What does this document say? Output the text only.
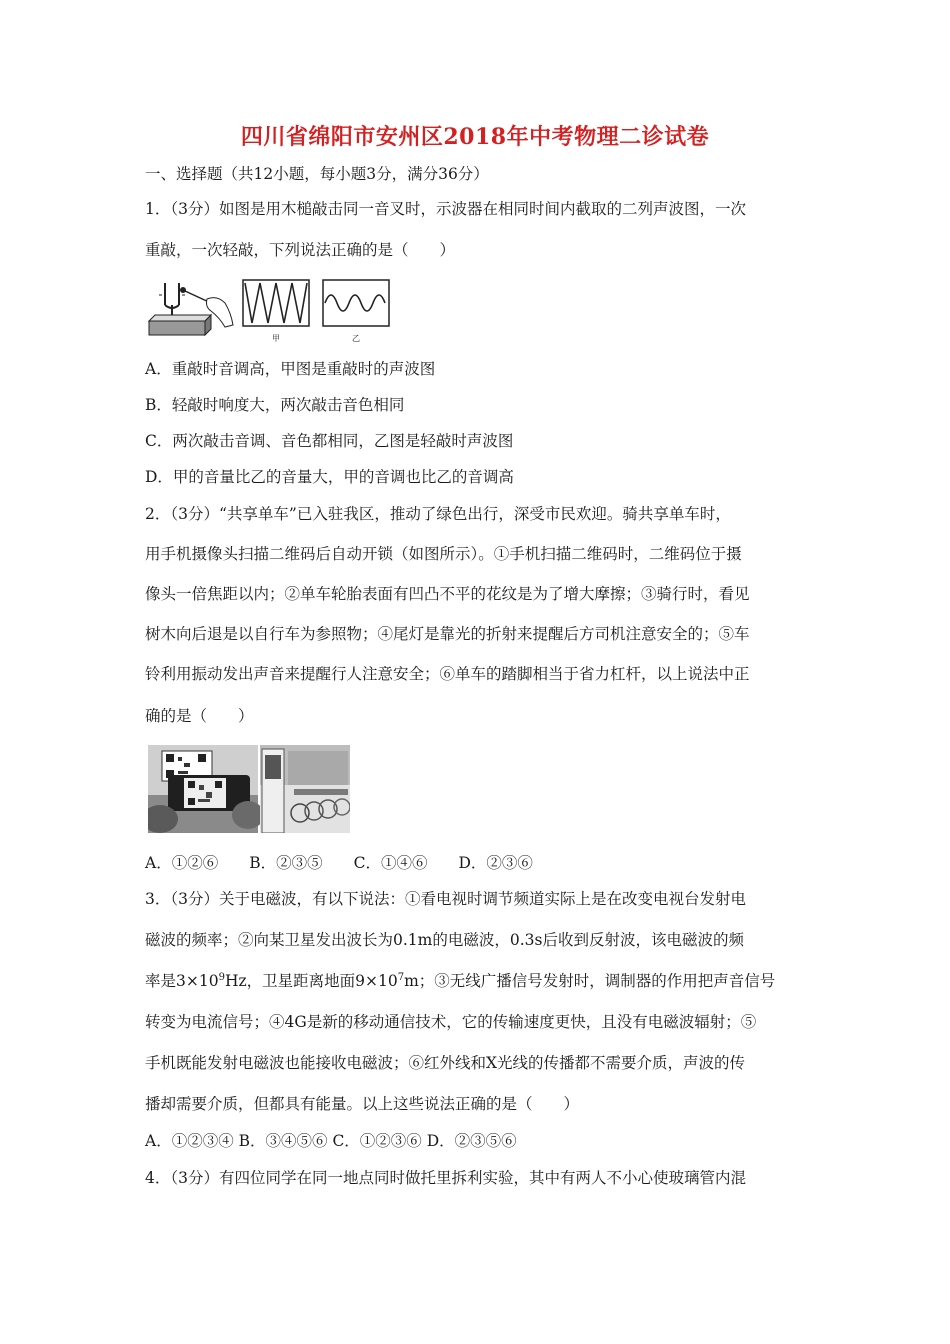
四川省绵阳市安州区2018年中考物理二诊试卷
一、选择题（共12小题，每小题3分，满分36分）
1．（3分）如图是用木槌敲击同一音叉时，示波器在相同时间内截取的二列声波图，一次
重敲，一次轻敲，下列说法正确的是（　　）
甲	乙
A．重敲时音调高，甲图是重敲时的声波图
B．轻敲时响度大，两次敲击音色相同
C．两次敲击音调、音色都相同，乙图是轻敲时声波图
D．甲的音量比乙的音量大，甲的音调也比乙的音调高
2．（3分）“共享单车”已入驻我区，推动了绿色出行，深受市民欢迎。骑共享单车时，
用手机摄像头扫描二维码后自动开锁（如图所示）。①手机扫描二维码时，二维码位于摄
像头一倍焦距以内；②单车轮胎表面有凹凸不平的花纹是为了增大摩擦；③骑行时，看见
树木向后退是以自行车为参照物；④尾灯是靠光的折射来提醒后方司机注意安全的；⑤车
铃利用振动发出声音来提醒行人注意安全；⑥单车的踏脚相当于省力杠杆，以上说法中正
确的是（　　）
A．①②⑥　　B．②③⑤　　C．①④⑥　　D．②③⑥
3．（3分）关于电磁波，有以下说法：①看电视时调节频道实际上是在改变电视台发射电
磁波的频率；②向某卫星发出波长为0.1m的电磁波，0.3s后收到反射波，该电磁波的频
率是$3\times 10^9Hz$，卫星距离地面$9\times 10^7m$；③无线广播信号发射时，调制器的作用把声音信号
转变为电流信号；④4G是新的移动通信技术，它的传输速度更快，且没有电磁波辐射；⑤
手机既能发射电磁波也能接收电磁波；⑥红外线和X光线的传播都不需要介质，声波的传
播却需要介质，但都具有能量。以上这些说法正确的是（　　）
A．①②③④ B．③④⑤⑥ C．①②③⑥ D．②③⑤⑥
4．（3分）有四位同学在同一地点同时做托里拆利实验，其中有两人不小心使玻璃管内混
